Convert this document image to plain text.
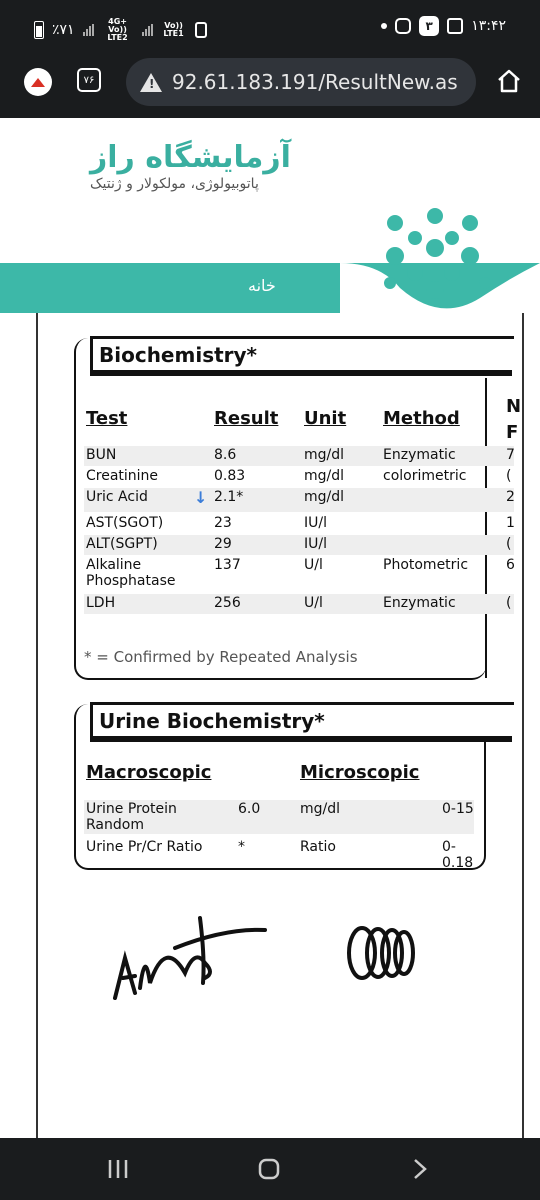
٪۷۱
4G+ Vo)) LTE2
Vo)) LTE1
۳	۱۳:۴۲
۷۶
!	92.61.183.191/ResultNew.as
آزمایشگاه راز
پاتوبیولوژی، مولکولار و ژنتیک
خانه
Biochemistry*
Test	Result Unit Method
N
F
BUN	8.6	mg/dl	Enzymatic	7
Creatinine	0.83	mg/dl	colorimetric	(
Uric Acid	2.1*	mg/dl	2
↓
AST(SGOT)	23	IU/l	1
ALT(SGPT)	29	IU/l	(
Alkaline Phosphatase
137	U/l	Photometric	6
LDH	256	U/l	Enzymatic	(
* = Confirmed by Repeated Analysis
Urine Biochemistry*
Macroscopic	Microscopic
Urine Protein Random
6.0	mg/dl	0-15
Urine Pr/Cr Ratio	*	Ratio	0-0.18
